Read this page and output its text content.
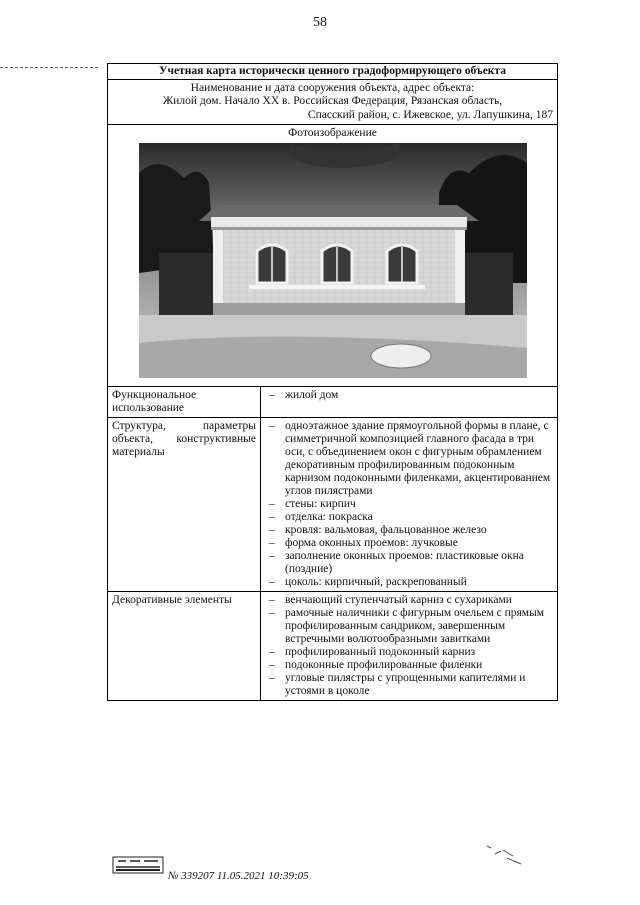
58
Учетная карта исторически ценного градоформирующего объекта
Наименование и дата сооружения объекта, адрес объекта:
Жилой дом. Начало XX в. Российская Федерация, Рязанская область,
Спасский район, с. Ижевское, ул. Лапушкина, 187
Фотоизображение
Функциональное использование
– жилой дом
Структура, параметры объекта, конструктивные материалы
– одноэтажное здание прямоугольной формы в плане, с симметричной композицией главного фасада в три оси, с объединением окон с фигурным обрамлением декоративным профилированным подоконным карнизом подоконными филенками, акцентированием углов пилястрами
– стены: кирпич
– отделка: покраска
– кровля: вальмовая, фальцованное железо
– форма оконных проемов: лучковые
– заполнение оконных проемов: пластиковые окна (поздние)
– цоколь: кирпичный, раскрепованный
Декоративные элементы	– венчающий ступенчатый карниз с сухариками
– рамочные наличники с фигурным очельем с прямым профилированным сандриком, завершенным встречными волютообразными завитками
– профилированный подоконный карниз
– подоконные профилированные филенки
– угловые пилястры с упрощенными капителями и устоями в цоколе
№ 339207 11.05.2021 10:39:05
